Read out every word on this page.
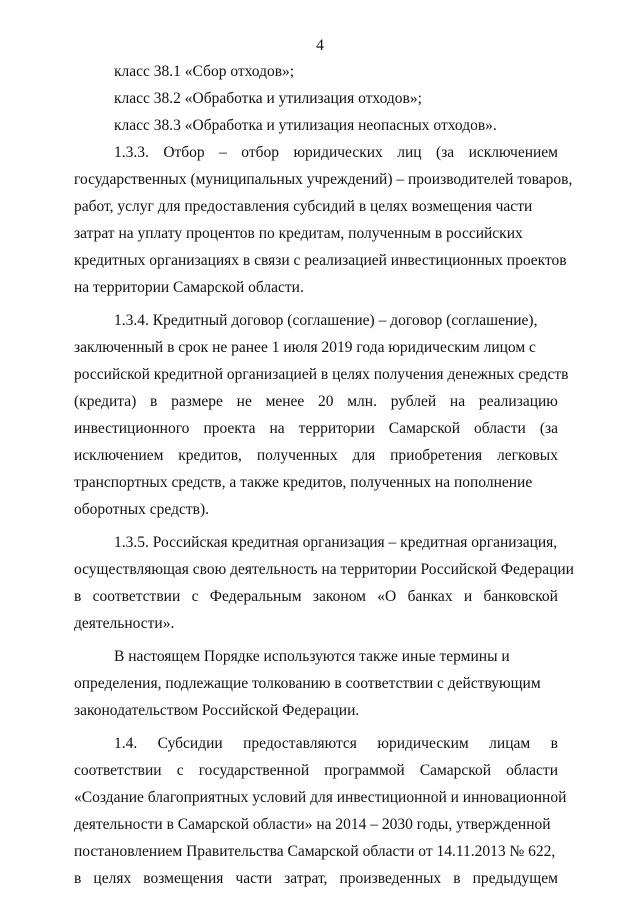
4
класс 38.1 «Сбор отходов»;
класс 38.2 «Обработка и утилизация отходов»;
класс 38.3 «Обработка и утилизация неопасных отходов».
1.3.3. Отбор – отбор юридических лиц (за исключением
государственных (муниципальных учреждений) – производителей товаров,
работ, услуг для предоставления субсидий в целях возмещения части
затрат на уплату процентов по кредитам, полученным в российских
кредитных организациях в связи с реализацией инвестиционных проектов
на территории Самарской области.
1.3.4. Кредитный договор (соглашение) – договор (соглашение),
заключенный в срок не ранее 1 июля 2019 года юридическим лицом с
российской кредитной организацией в целях получения денежных средств
(кредита) в размере не менее 20 млн. рублей на реализацию
инвестиционного проекта на территории Самарской области (за
исключением кредитов, полученных для приобретения легковых
транспортных средств, а также кредитов, полученных на пополнение
оборотных средств).
1.3.5. Российская кредитная организация – кредитная организация,
осуществляющая свою деятельность на территории Российской Федерации
в соответствии с Федеральным законом «О банках и банковской
деятельности».
В настоящем Порядке используются также иные термины и
определения, подлежащие толкованию в соответствии с действующим
законодательством Российской Федерации.
1.4. Субсидии предоставляются юридическим лицам в
соответствии с государственной программой Самарской области
«Создание благоприятных условий для инвестиционной и инновационной
деятельности в Самарской области» на 2014 – 2030 годы, утвержденной
постановлением Правительства Самарской области от 14.11.2013 № 622,
в целях возмещения части затрат, произведенных в предыдущем
